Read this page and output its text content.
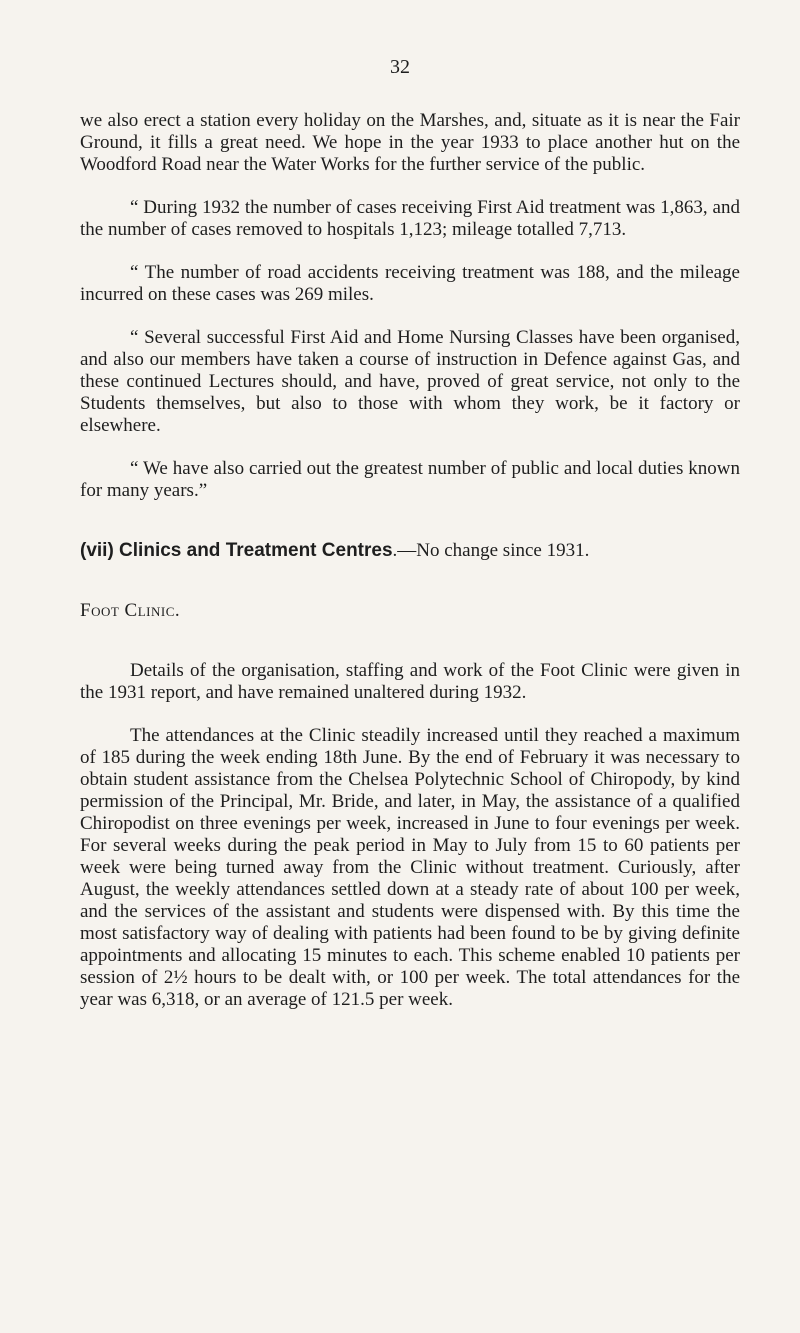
32

we also erect a station every holiday on the Marshes, and, situate as it is near the Fair Ground, it fills a great need. We hope in the year 1933 to place another hut on the Woodford Road near the Water Works for the further service of the public.

“ During 1932 the number of cases receiving First Aid treatment was 1,863, and the number of cases removed to hospitals 1,123; mileage totalled 7,713.

“ The number of road accidents receiving treatment was 188, and the mileage incurred on these cases was 269 miles.

“ Several successful First Aid and Home Nursing Classes have been organised, and also our members have taken a course of instruction in Defence against Gas, and these continued Lectures should, and have, proved of great service, not only to the Students themselves, but also to those with whom they work, be it factory or elsewhere.

“ We have also carried out the greatest number of public and local duties known for many years.”

(vii) Clinics and Treatment Centres.—No change since 1931.

Foot Clinic.

Details of the organisation, staffing and work of the Foot Clinic were given in the 1931 report, and have remained unaltered during 1932.

The attendances at the Clinic steadily increased until they reached a maximum of 185 during the week ending 18th June. By the end of February it was necessary to obtain student assistance from the Chelsea Polytechnic School of Chiropody, by kind permission of the Principal, Mr. Bride, and later, in May, the assistance of a qualified Chiropodist on three evenings per week, increased in June to four evenings per week. For several weeks during the peak period in May to July from 15 to 60 patients per week were being turned away from the Clinic without treatment. Curiously, after August, the weekly attendances settled down at a steady rate of about 100 per week, and the services of the assistant and students were dispensed with. By this time the most satisfactory way of dealing with patients had been found to be by giving definite appointments and allocating 15 minutes to each. This scheme enabled 10 patients per session of 2½ hours to be dealt with, or 100 per week. The total attendances for the year was 6,318, or an average of 121.5 per week.
